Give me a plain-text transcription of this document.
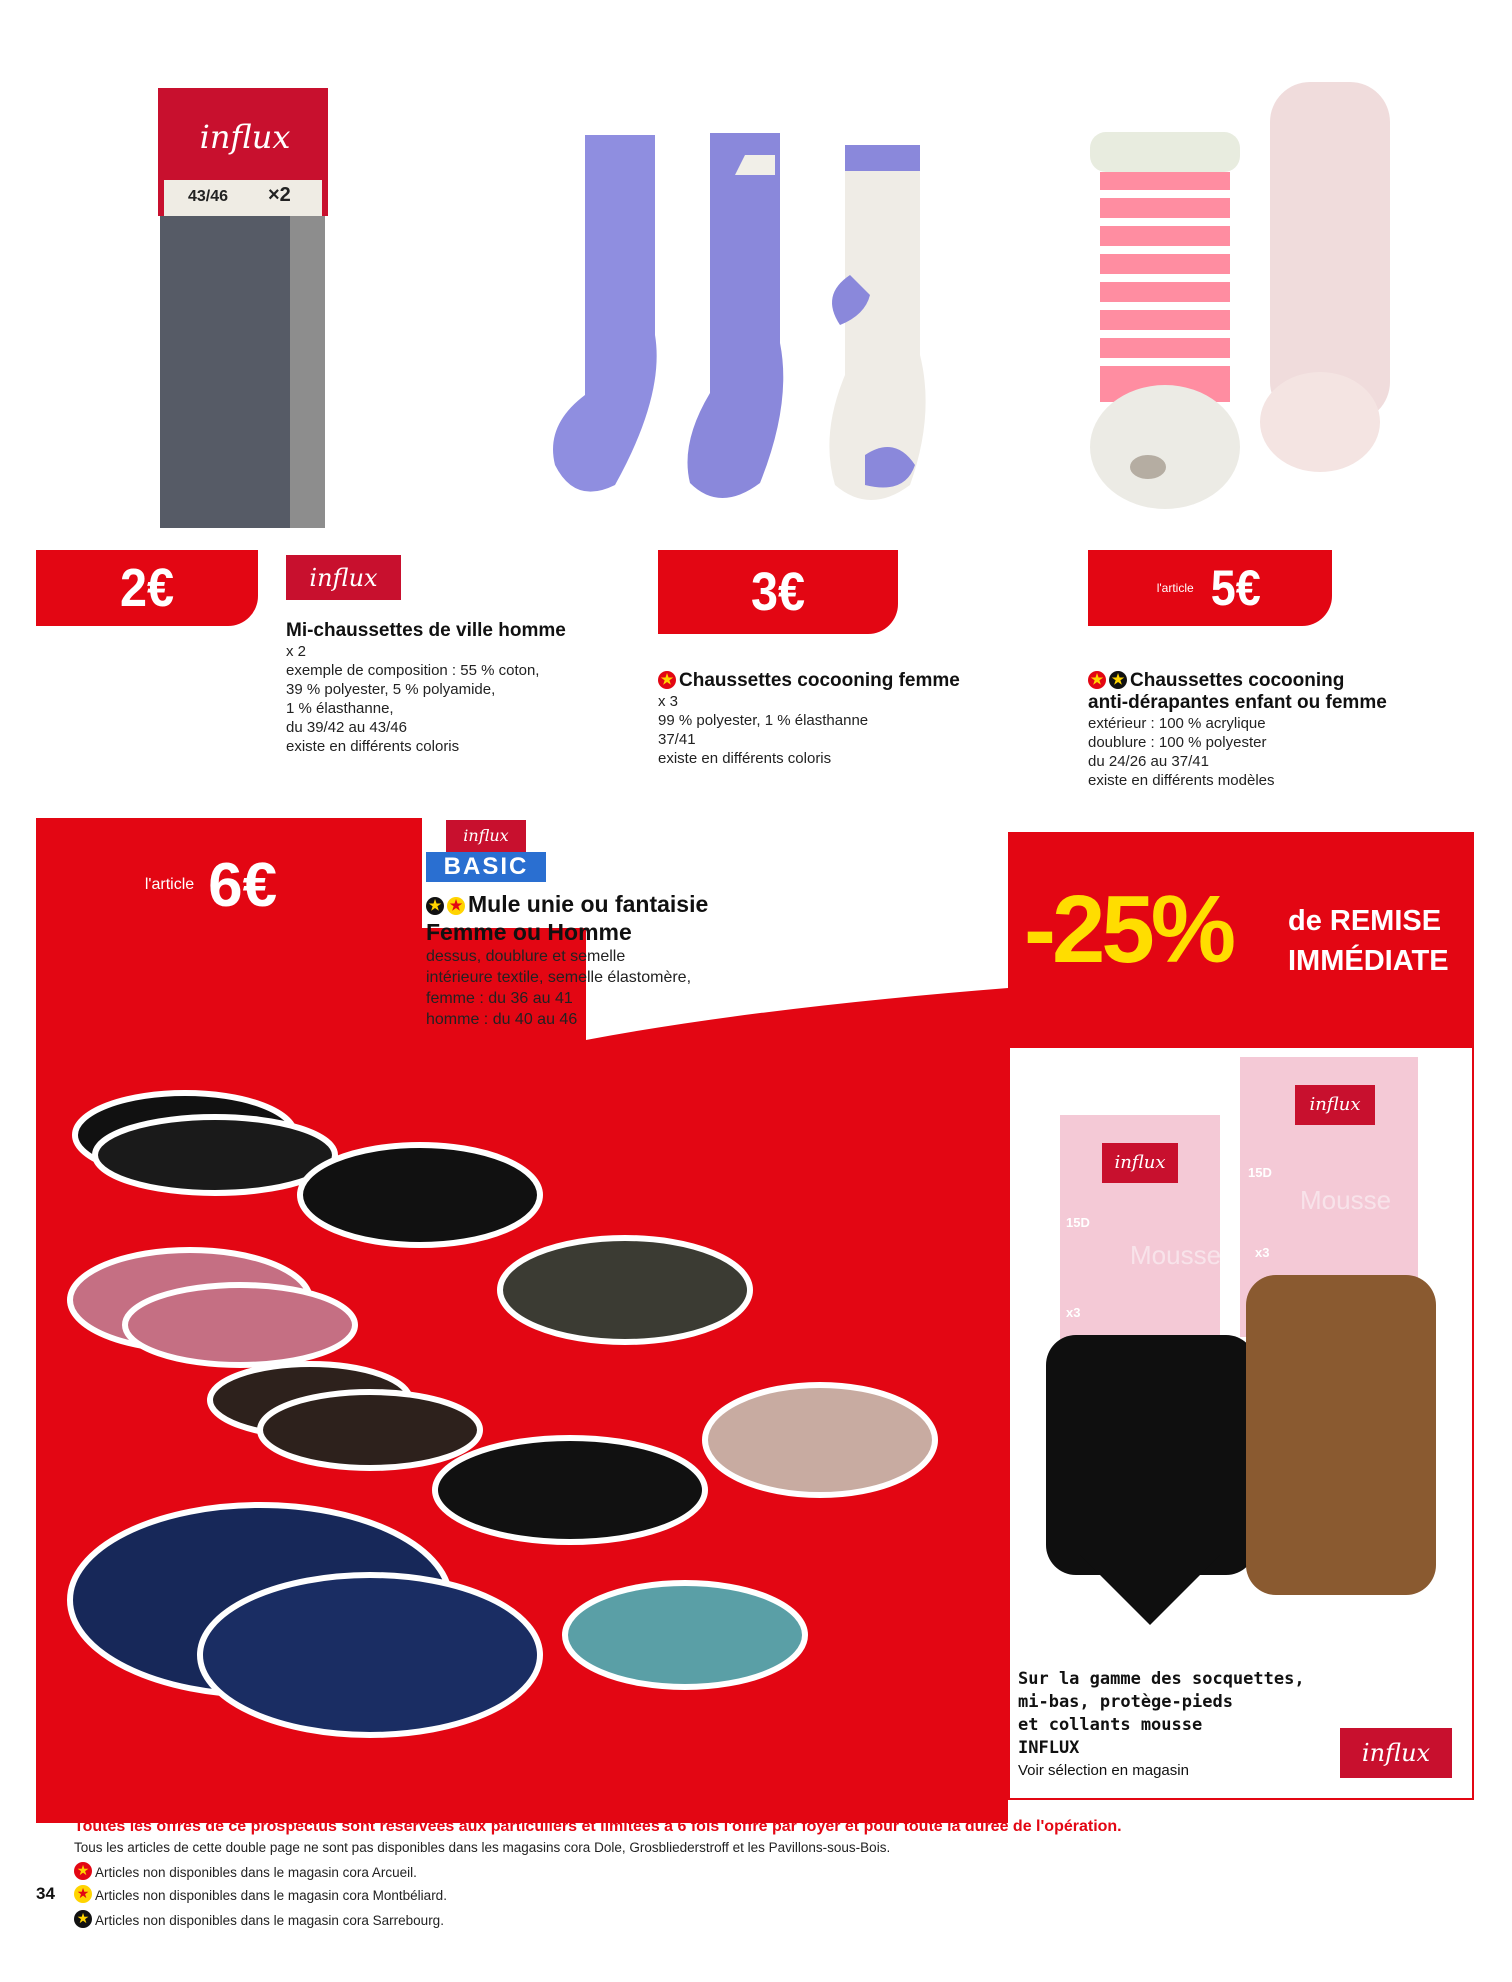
influx
43/46 ×2
2€	influx
Mi-chaussettes de ville homme
x 2
exemple de composition : 55 % coton,
39 % polyester, 5 % polyamide,
1 % élasthanne,
du 39/42 au 43/46
existe en différents coloris
3€
★Chaussettes cocooning femme
x 3
99 % polyester, 1 % élasthanne
37/41
existe en différents coloris
l'article 5€
★★Chaussettes cocooning
anti-dérapantes enfant ou femme
extérieur : 100 % acrylique
doublure : 100 % polyester
du 24/26 au 37/41
existe en différents modèles
l'article 6€
influx
BASIC
★★Mule unie ou fantaisie
Femme ou Homme
dessus, doublure et semelle
intérieure textile, semelle élastomère,
femme : du 36 au 41
homme : du 40 au 46
-25% de REMISE
IMMÉDIATE
influx
influx
15D
x3
15D
x3
Mousse
Mousse
Sur la gamme des socquettes,
mi-bas, protège-pieds
et collants mousse
INFLUX
Voir sélection en magasin
influx
Toutes les offres de ce prospectus sont réservées aux particuliers et limitées à 6 fois l'offre par foyer et pour toute la durée de l'opération.
Tous les articles de cette double page ne sont pas disponibles dans les magasins cora Dole, Grosbliederstroff et les Pavillons-sous-Bois.
★Articles non disponibles dans le magasin cora Arcueil.
★Articles non disponibles dans le magasin cora Montbéliard.
★Articles non disponibles dans le magasin cora Sarrebourg.
34
